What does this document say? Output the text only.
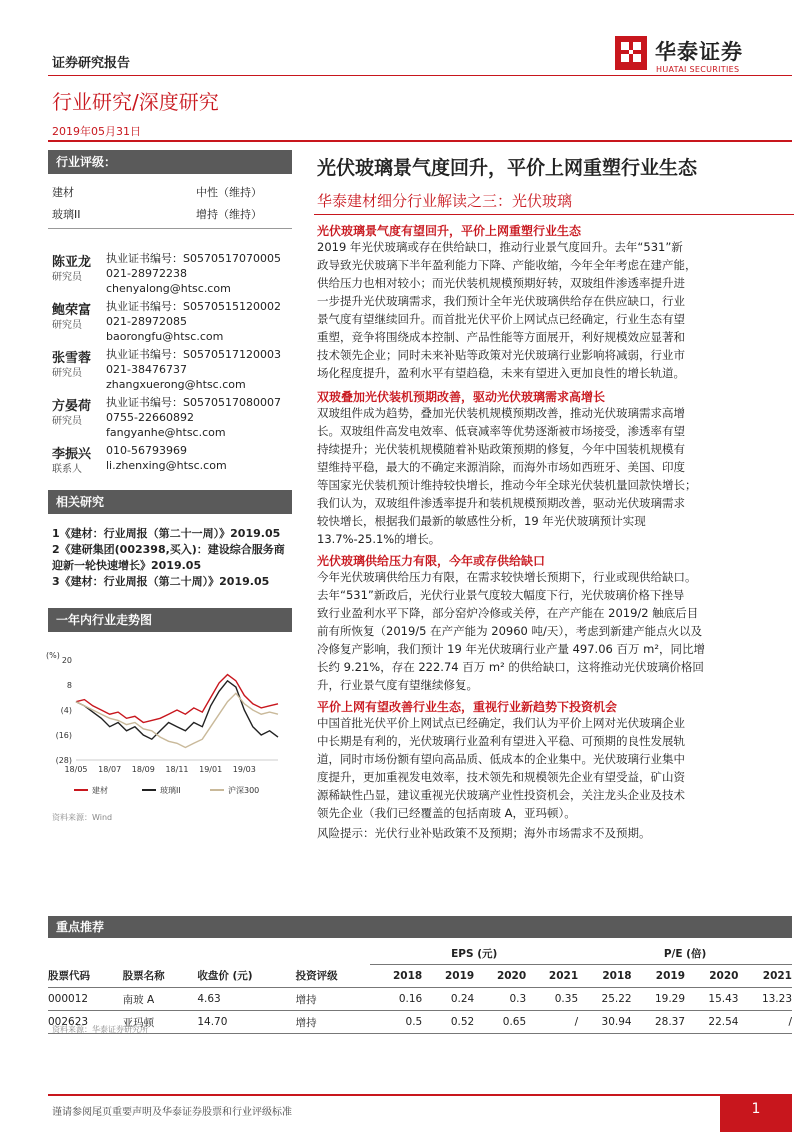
证券研究报告	华泰证券
HUATAI SECURITIES
行业研究/深度研究
2019年05月31日
行业评级：
建材	中性（维持）
玻璃II	增持（维持）
陈亚龙
研究员
执业证书编号：S0570517070005
021-28972238
chenyalong@htsc.com
鲍荣富
研究员
执业证书编号：S0570515120002
021-28972085
baorongfu@htsc.com
张雪蓉
研究员
执业证书编号：S0570517120003
021-38476737
zhangxuerong@htsc.com
方晏荷
研究员
执业证书编号：S0570517080007
0755-22660892
fangyanhe@htsc.com
李振兴
联系人
010-56793969
li.zhenxing@htsc.com
相关研究
1《建材：行业周报（第二十一周）》2019.05
2《建研集团(002398,买入)：建设综合服务商
迎新一轮快速增长》2019.05
3《建材：行业周报（第二十周）》2019.05
一年内行业走势图
20
8
(4)
(16)
(28)
(%)
18/05 18/07 18/09 18/11 19/01 19/03
建材	玻璃II	沪深300
资料来源：Wind
光伏玻璃景气度回升，平价上网重塑行业生态
华泰建材细分行业解读之三：光伏玻璃
光伏玻璃景气度有望回升，平价上网重塑行业生态
2019 年光伏玻璃或存在供给缺口，推动行业景气度回升。去年“531”新
政导致光伏玻璃下半年盈利能力下降、产能收缩，今年全年考虑在建产能，
供给压力也相对较小；而光伏装机规模预期好转，双玻组件渗透率提升进
一步提升光伏玻璃需求，我们预计全年光伏玻璃供给存在供应缺口，行业
景气度有望继续回升。而首批光伏平价上网试点已经确定，行业生态有望
重塑，竞争将围绕成本控制、产品性能等方面展开，利好规模效应显著和
技术领先企业；同时未来补贴等政策对光伏玻璃行业影响将减弱，行业市
场化程度提升，盈利水平有望趋稳，未来有望进入更加良性的增长轨道。
双玻叠加光伏装机预期改善，驱动光伏玻璃需求高增长
双玻组件成为趋势，叠加光伏装机规模预期改善，推动光伏玻璃需求高增
长。双玻组件高发电效率、低衰减率等优势逐渐被市场接受，渗透率有望
持续提升；光伏装机规模随着补贴政策预期的修复，今年中国装机规模有
望维持平稳，最大的不确定来源消除，而海外市场如西班牙、美国、印度
等国家光伏装机预计维持较快增长，推动今年全球光伏装机量回款快增长；
我们认为，双玻组件渗透率提升和装机规模预期改善，驱动光伏玻璃需求
较快增长，根据我们最新的敏感性分析，19 年光伏玻璃预计实现
13.7%-25.1%的增长。
光伏玻璃供给压力有限，今年或存供给缺口
今年光伏玻璃供给压力有限，在需求较快增长预期下，行业或现供给缺口。
去年“531”新政后，光伏行业景气度较大幅度下行，光伏玻璃价格下挫导
致行业盈利水平下降，部分窑炉冷修或关停，在产产能在 2019/2 触底后目
前有所恢复（2019/5 在产产能为 20960 吨/天），考虑到新建产能点火以及
冷修复产影响，我们预计 19 年光伏玻璃行业产量 497.06 百万 m²，同比增
长约 9.21%，存在 222.74 百万 m² 的供给缺口，这将推动光伏玻璃价格回
升，行业景气度有望继续修复。
平价上网有望改善行业生态，重视行业新趋势下投资机会
中国首批光伏平价上网试点已经确定，我们认为平价上网对光伏玻璃企业
中长期是有利的，光伏玻璃行业盈利有望进入平稳、可预期的良性发展轨
道，同时市场份额有望向高品质、低成本的企业集中。光伏玻璃行业集中
度提升，更加重视发电效率，技术领先和规模领先企业有望受益，矿山资
源稀缺性凸显，建议重视光伏玻璃产业性投资机会，关注龙头企业及技术
领先企业（我们已经覆盖的包括南玻 A，亚玛顿）。
风险提示：光伏行业补贴政策不及预期；海外市场需求不及预期。
重点推荐
				EPS (元)				P/E (倍)			
股票代码	股票名称	收盘价 (元)	投资评级	2018	2019	2020	2021	2018	2019	2020	2021
000012	南玻 A	4.63	增持	0.16	0.24	0.3	0.35	25.22	19.29	15.43	13.23
002623	亚玛顿	14.70	增持	0.5	0.52	0.65	/	30.94	28.37	22.54	/
资料来源：华泰证券研究所
谨请参阅尾页重要声明及华泰证券股票和行业评级标准	1
